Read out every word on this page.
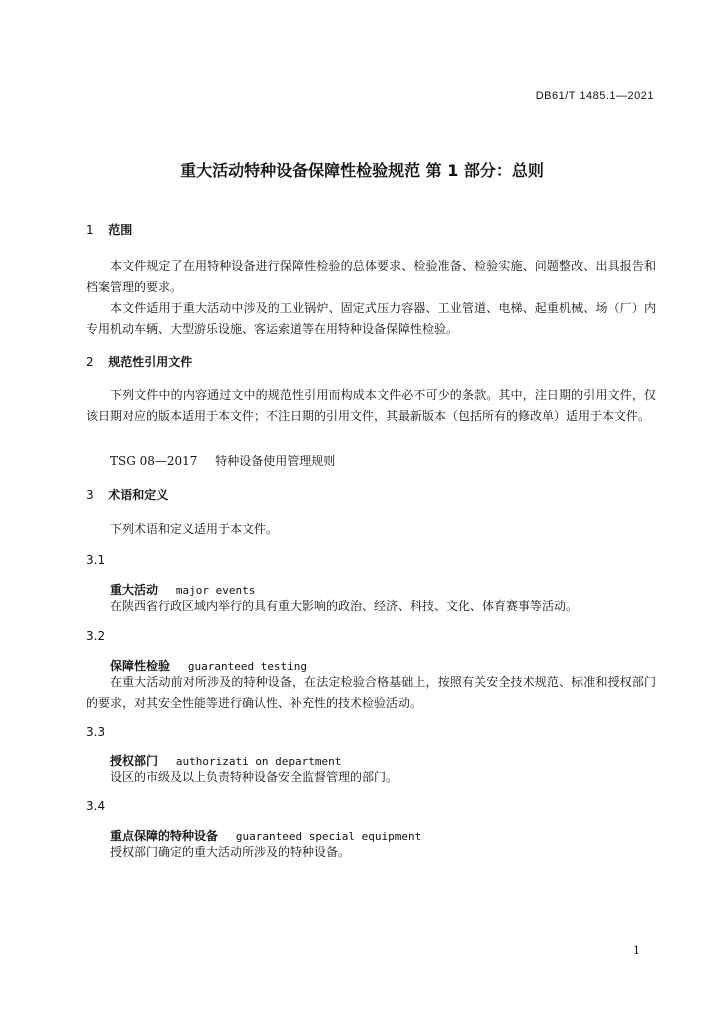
DB61/T 1485.1—2021
重大活动特种设备保障性检验规范 第 1 部分：总则
1 范围
本文件规定了在用特种设备进行保障性检验的总体要求、检验准备、检验实施、问题整改、出具报告和档案管理的要求。
本文件适用于重大活动中涉及的工业锅炉、固定式压力容器、工业管道、电梯、起重机械、场（厂）内专用机动车辆、大型游乐设施、客运索道等在用特种设备保障性检验。
2 规范性引用文件
下列文件中的内容通过文中的规范性引用而构成本文件必不可少的条款。其中，注日期的引用文件，仅该日期对应的版本适用于本文件；不注日期的引用文件，其最新版本（包括所有的修改单）适用于本文件。
TSG 08—2017 特种设备使用管理规则
3 术语和定义
下列术语和定义适用于本文件。
3.1
重大活动 major events
在陕西省行政区域内举行的具有重大影响的政治、经济、科技、文化、体育赛事等活动。
3.2
保障性检验 guaranteed testing
在重大活动前对所涉及的特种设备，在法定检验合格基础上，按照有关安全技术规范、标准和授权部门的要求，对其安全性能等进行确认性、补充性的技术检验活动。
3.3
授权部门 authorizati on department
设区的市级及以上负责特种设备安全监督管理的部门。
3.4
重点保障的特种设备 guaranteed special equipment
授权部门确定的重大活动所涉及的特种设备。
1
